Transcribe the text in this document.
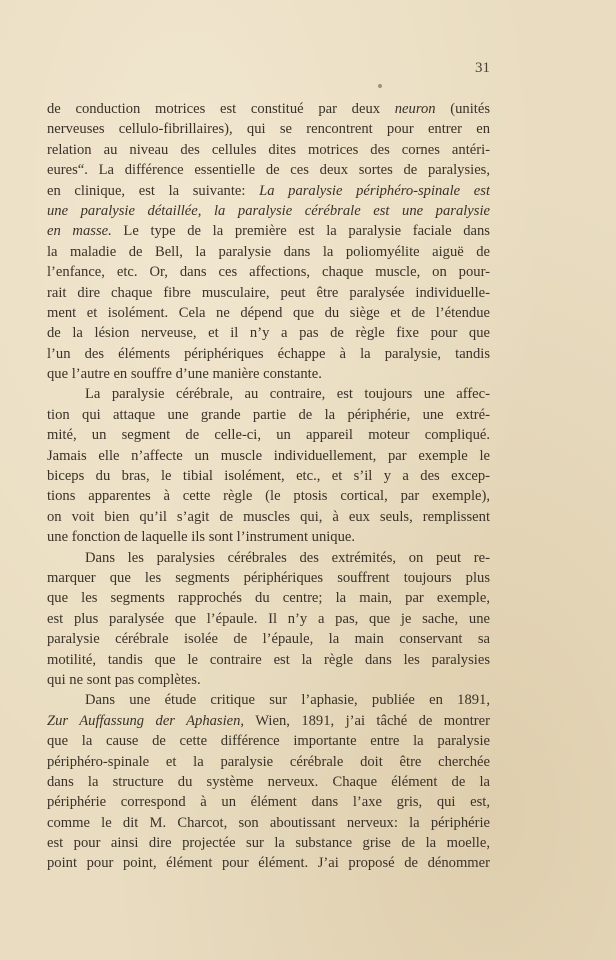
31
de conduction motrices est constitué par deux neuron (unités
nerveuses cellulo-fibrillaires), qui se rencontrent pour entrer en
relation au niveau des cellules dites motrices des cornes antéri-
eures“. La différence essentielle de ces deux sortes de paralysies,
en clinique, est la suivante: La paralysie périphéro-spinale est
une paralysie détaillée, la paralysie cérébrale est une paralysie
en masse. Le type de la première est la paralysie faciale dans
la maladie de Bell, la paralysie dans la poliomyélite aiguë de
l’enfance, etc. Or, dans ces affections, chaque muscle, on pour-
rait dire chaque fibre musculaire, peut être paralysée individuelle-
ment et isolément. Cela ne dépend que du siège et de l’étendue
de la lésion nerveuse, et il n’y a pas de règle fixe pour que
l’un des éléments périphériques échappe à la paralysie, tandis
que l’autre en souffre d’une manière constante.
La paralysie cérébrale, au contraire, est toujours une affec-
tion qui attaque une grande partie de la périphérie, une extré-
mité, un segment de celle-ci, un appareil moteur compliqué.
Jamais elle n’affecte un muscle individuellement, par exemple le
biceps du bras, le tibial isolément, etc., et s’il y a des excep-
tions apparentes à cette règle (le ptosis cortical, par exemple),
on voit bien qu’il s’agit de muscles qui, à eux seuls, remplissent
une fonction de laquelle ils sont l’instrument unique.
Dans les paralysies cérébrales des extrémités, on peut re-
marquer que les segments périphériques souffrent toujours plus
que les segments rapprochés du centre; la main, par exemple,
est plus paralysée que l’épaule. Il n’y a pas, que je sache, une
paralysie cérébrale isolée de l’épaule, la main conservant sa
motilité, tandis que le contraire est la règle dans les paralysies
qui ne sont pas complètes.
Dans une étude critique sur l’aphasie, publiée en 1891,
Zur Auffassung der Aphasien, Wien, 1891, j’ai tâché de montrer
que la cause de cette différence importante entre la paralysie
périphéro-spinale et la paralysie cérébrale doit être cherchée
dans la structure du système nerveux. Chaque élément de la
périphérie correspond à un élément dans l’axe gris, qui est,
comme le dit M. Charcot, son aboutissant nerveux: la périphérie
est pour ainsi dire projectée sur la substance grise de la moelle,
point pour point, élément pour élément. J’ai proposé de dénommer
